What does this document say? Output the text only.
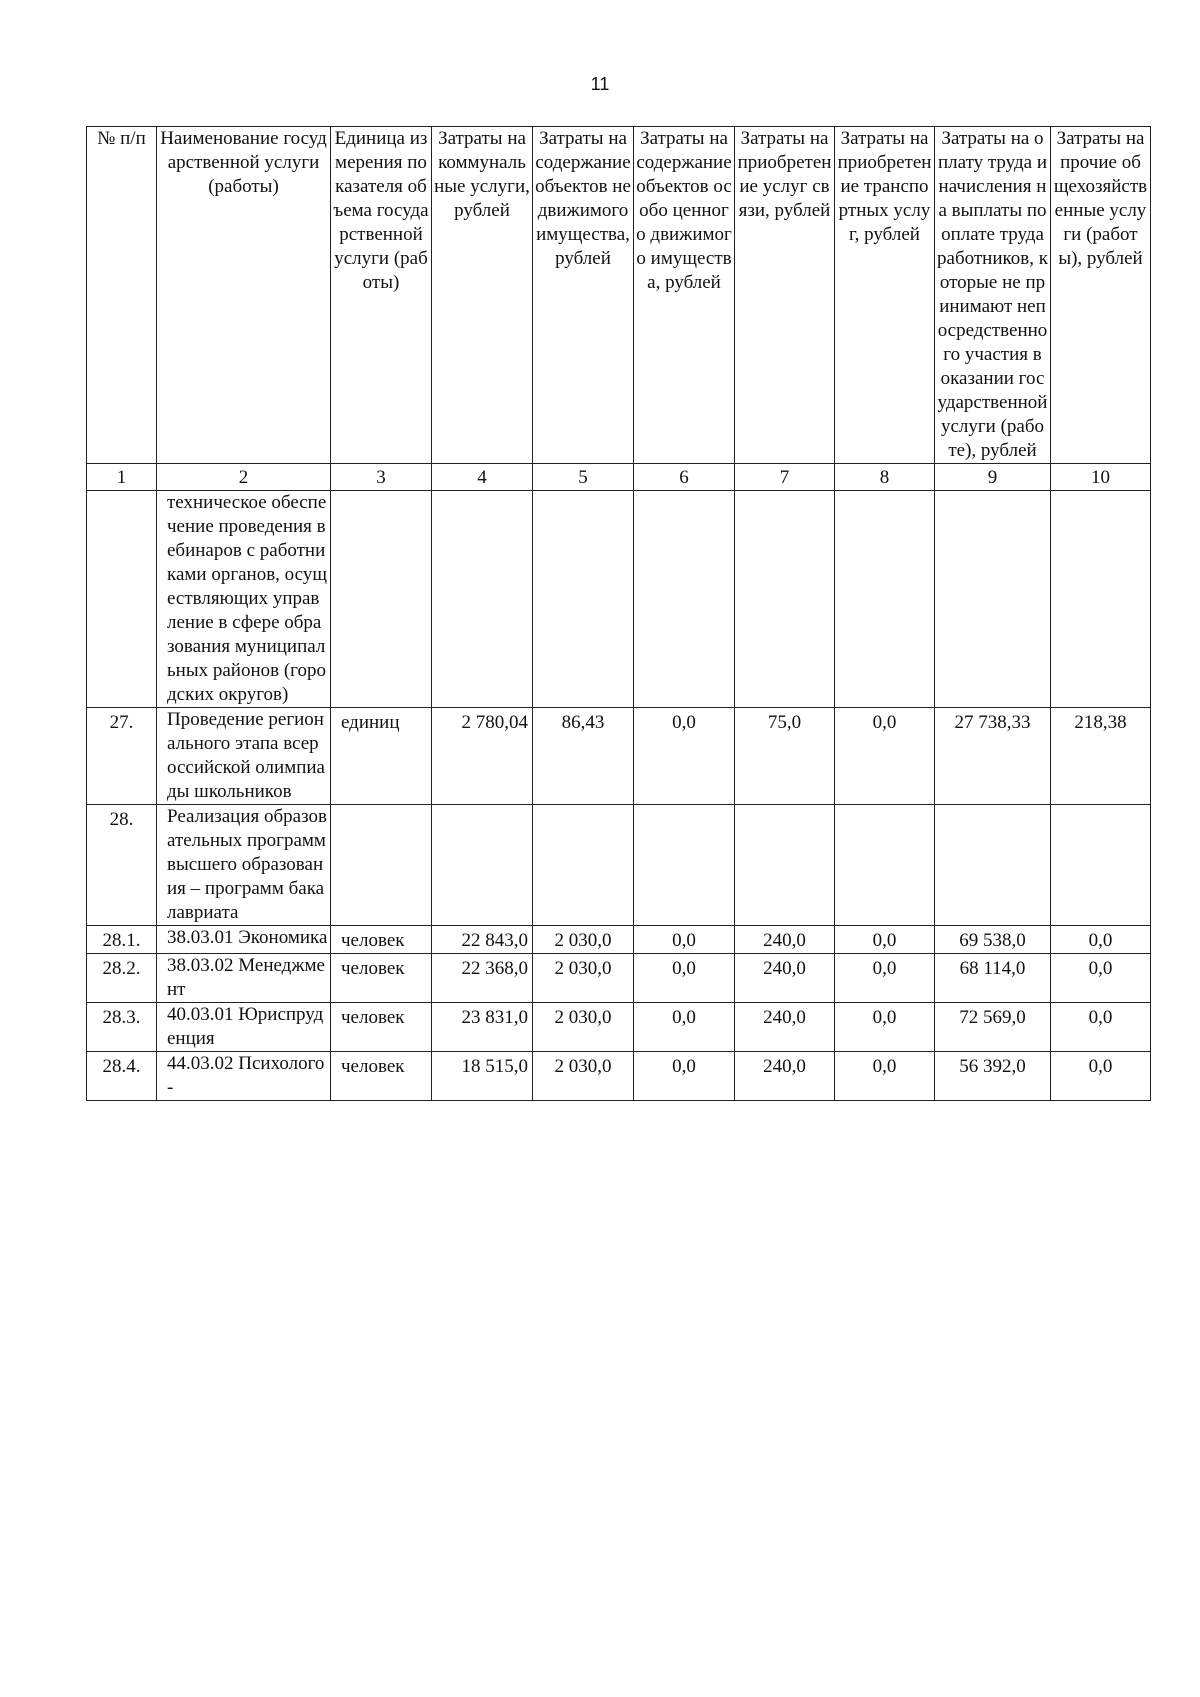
11
№ п/п	Наименование государственной услуги (работы)	Единица измерения показателя объема государственной услуги (работы)	Затраты на коммунальные услуги, рублей	Затраты на содержание объектов недвижимого имущества, рублей	Затраты на содержание объектов особо ценного движимого имущества, рублей	Затраты на приобретение услуг связи, рублей	Затраты на приобретение транспортных услуг, рублей	Затраты на оплату труда и начисления на выплаты по оплате труда работников, которые не принимают непосредственного участия в оказании государственной услуги (работе), рублей	Затраты на прочие общехозяйственные услуги (работы), рублей
1	2	3	4	5	6	7	8	9	10
	техническое обеспечение проведения вебинаров с работниками органов, осуществляющих управление в сфере образования муниципальных районов (городских округов)								
27.	Проведение регионального этапа всероссийской олимпиады школьников	единиц	2 780,04	86,43	0,0	75,0	0,0	27 738,33	218,38
28.	Реализация образовательных программ высшего образования – программ бакалавриата								
28.1.	38.03.01 Экономика	человек	22 843,0	2 030,0	0,0	240,0	0,0	69 538,0	0,0
28.2.	38.03.02 Менеджмент	человек	22 368,0	2 030,0	0,0	240,0	0,0	68 114,0	0,0
28.3.	40.03.01 Юриспруденция	человек	23 831,0	2 030,0	0,0	240,0	0,0	72 569,0	0,0
28.4.	44.03.02 Психолого-	человек	18 515,0	2 030,0	0,0	240,0	0,0	56 392,0	0,0
